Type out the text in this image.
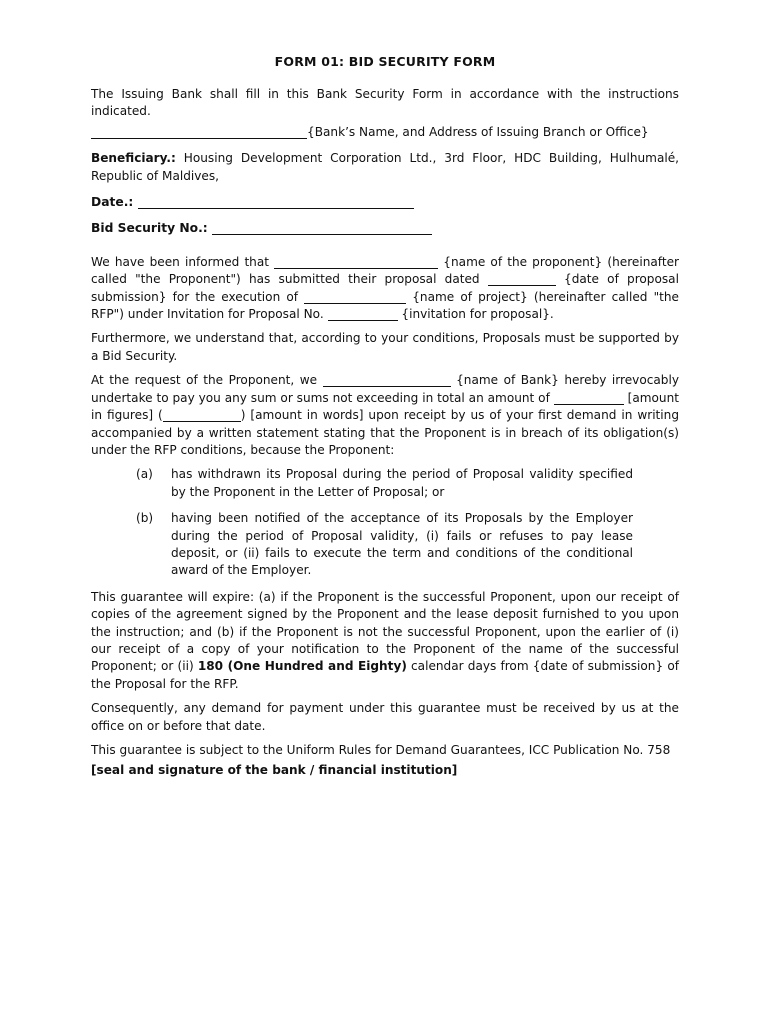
FORM 01: BID SECURITY FORM

The Issuing Bank shall fill in this Bank Security Form in accordance with the instructions indicated.

{Bank’s Name, and Address of Issuing Branch or Office}

Beneficiary.: Housing Development Corporation Ltd., 3rd Floor, HDC Building, Hulhumalé, Republic of Maldives,

Date.:
Bid Security No.:

We have been informed that	{name of the proponent} (hereinafter called "the Proponent") has submitted their proposal dated	{date of proposal submission} for the execution of	{name of project} (hereinafter called "the RFP") under Invitation for Proposal No.	{invitation for proposal}.

Furthermore, we understand that, according to your conditions, Proposals must be supported by a Bid Security.

At the request of the Proponent, we	{name of Bank} hereby irrevocably undertake to pay you any sum or sums not exceeding in total an amount of	[amount in figures] (	) [amount in words] upon receipt by us of your first demand in writing accompanied by a written statement stating that the Proponent is in breach of its obligation(s) under the RFP conditions, because the Proponent:

(a)	has withdrawn its Proposal during the period of Proposal validity specified by the Proponent in the Letter of Proposal; or
(b)	having been notified of the acceptance of its Proposals by the Employer during the period of Proposal validity, (i) fails or refuses to pay lease deposit, or (ii) fails to execute the term and conditions of the conditional award of the Employer.

This guarantee will expire: (a) if the Proponent is the successful Proponent, upon our receipt of copies of the agreement signed by the Proponent and the lease deposit furnished to you upon the instruction; and (b) if the Proponent is not the successful Proponent, upon the earlier of (i) our receipt of a copy of your notification to the Proponent of the name of the successful Proponent; or (ii) 180 (One Hundred and Eighty) calendar days from {date of submission} of the Proposal for the RFP.

Consequently, any demand for payment under this guarantee must be received by us at the office on or before that date.

This guarantee is subject to the Uniform Rules for Demand Guarantees, ICC Publication No. 758

[seal and signature of the bank / financial institution]
